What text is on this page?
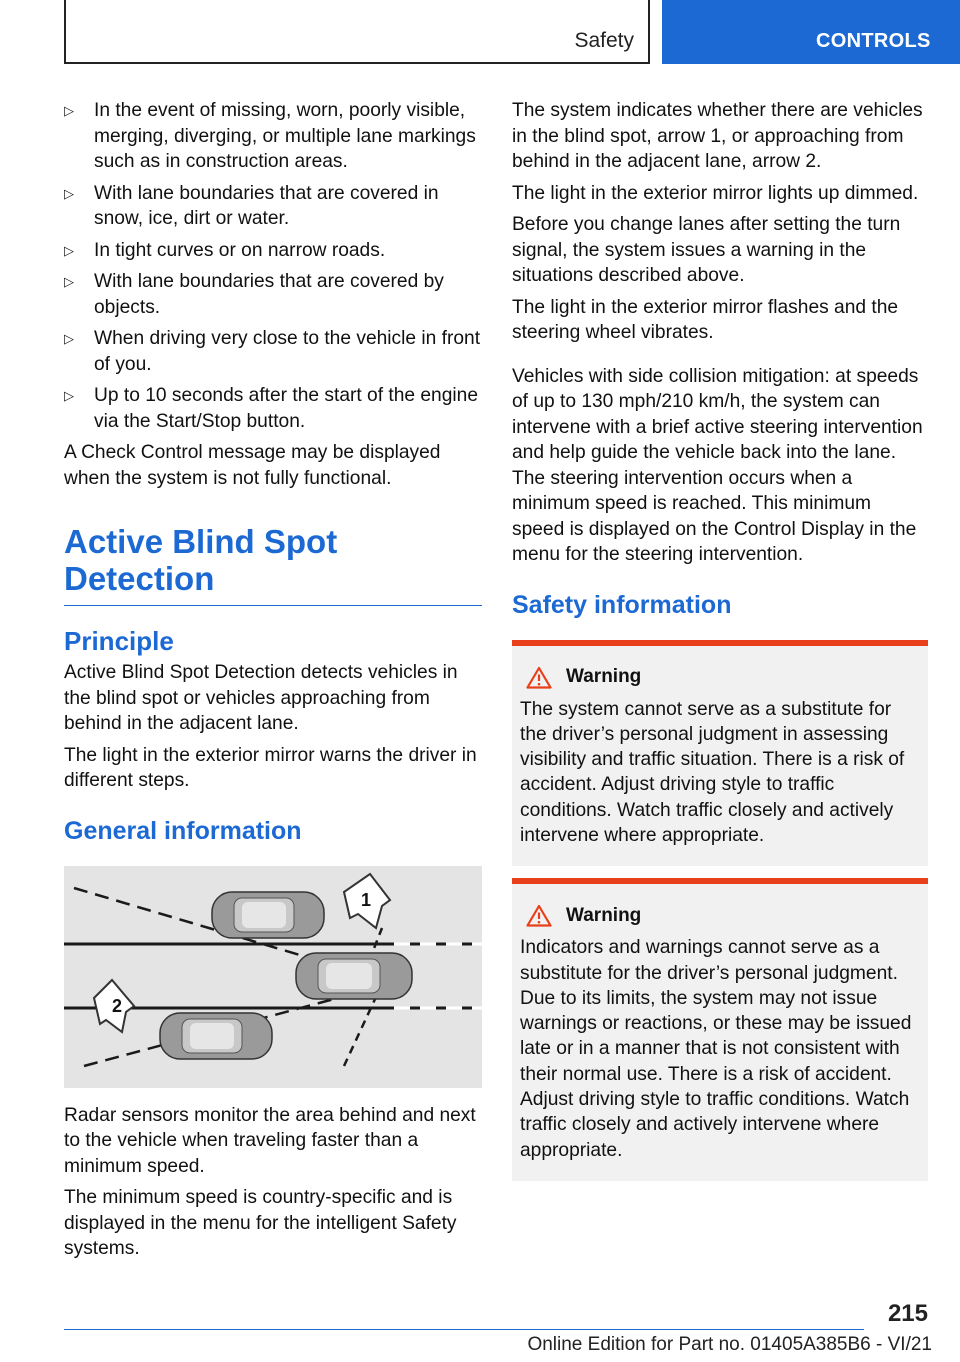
Safety	CONTROLS
▷ In the event of missing, worn, poorly visible, merging, diverging, or multiple lane markings such as in construction areas.
▷ With lane boundaries that are covered in snow, ice, dirt or water.
▷ In tight curves or on narrow roads.
▷ With lane boundaries that are covered by objects.
▷ When driving very close to the vehicle in front of you.
▷ Up to 10 seconds after the start of the engine via the Start/Stop button.

A Check Control message may be displayed when the system is not fully functional.

Active Blind Spot Detection
Principle

Active Blind Spot Detection detects vehicles in the blind spot or vehicles approaching from behind in the adjacent lane.

The light in the exterior mirror warns the driver in different steps.

General information
1
2

Radar sensors monitor the area behind and next to the vehicle when traveling faster than a minimum speed.

The minimum speed is country-specific and is displayed in the menu for the intelligent Safety systems.

The system indicates whether there are vehicles in the blind spot, arrow 1, or approaching from behind in the adjacent lane, arrow 2.

The light in the exterior mirror lights up dimmed.

Before you change lanes after setting the turn signal, the system issues a warning in the situations described above.

The light in the exterior mirror flashes and the steering wheel vibrates.

Vehicles with side collision mitigation: at speeds of up to 130 mph/210 km/h, the system can intervene with a brief active steering intervention and help guide the vehicle back into the lane. The steering intervention occurs when a minimum speed is reached. This minimum speed is displayed on the Control Display in the menu for the steering intervention.

Safety information
Warning

The system cannot serve as a substitute for the driver’s personal judgment in assessing visibility and traffic situation. There is a risk of accident. Adjust driving style to traffic conditions. Watch traffic closely and actively intervene where appropriate.

Warning

Indicators and warnings cannot serve as a substitute for the driver’s personal judgment. Due to its limits, the system may not issue warnings or reactions, or these may be issued late or in a manner that is not consistent with their normal use. There is a risk of accident. Adjust driving style to traffic conditions. Watch traffic closely and actively intervene where appropriate.

215
Online Edition for Part no. 01405A385B6 - VI/21
